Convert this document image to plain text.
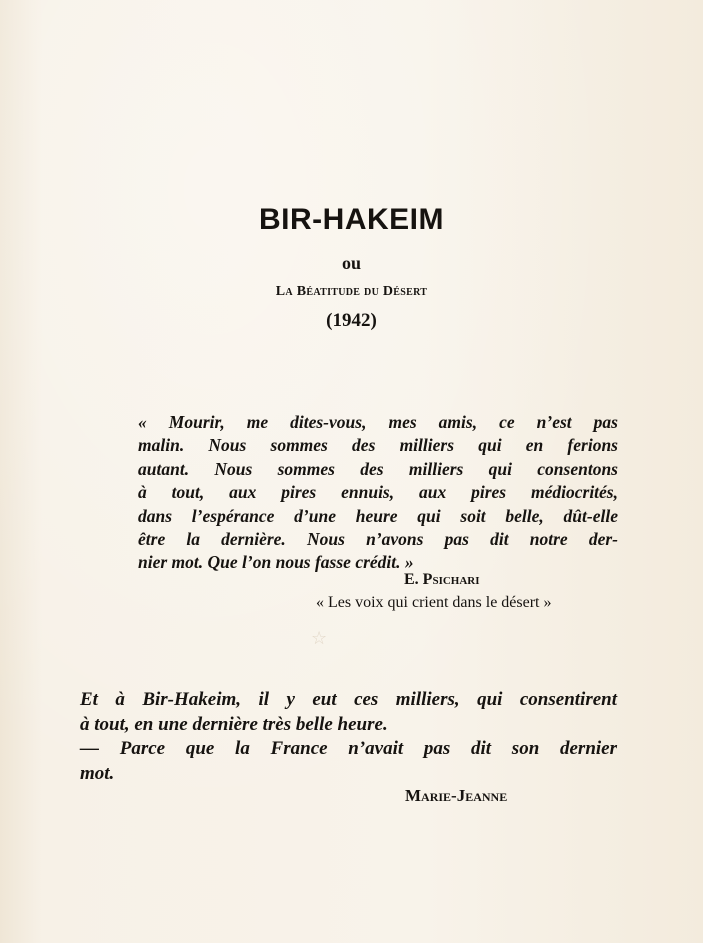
BIR-HAKEIM
ou
La Béatitude du Désert
(1942)
« Mourir, me dites-vous, mes amis, ce n’est pas
malin. Nous sommes des milliers qui en ferions
autant. Nous sommes des milliers qui consentons
à tout, aux pires ennuis, aux pires médiocrités,
dans l’espérance d’une heure qui soit belle, dût-elle
être la dernière. Nous n’avons pas dit notre der-
nier mot. Que l’on nous fasse crédit. »
E. Psichari
« Les voix qui crient dans le désert »
☆
Et à Bir-Hakeim, il y eut ces milliers, qui consentirent
à tout, en une dernière très belle heure.
— Parce que la France n’avait pas dit son dernier
mot.
Marie-Jeanne
